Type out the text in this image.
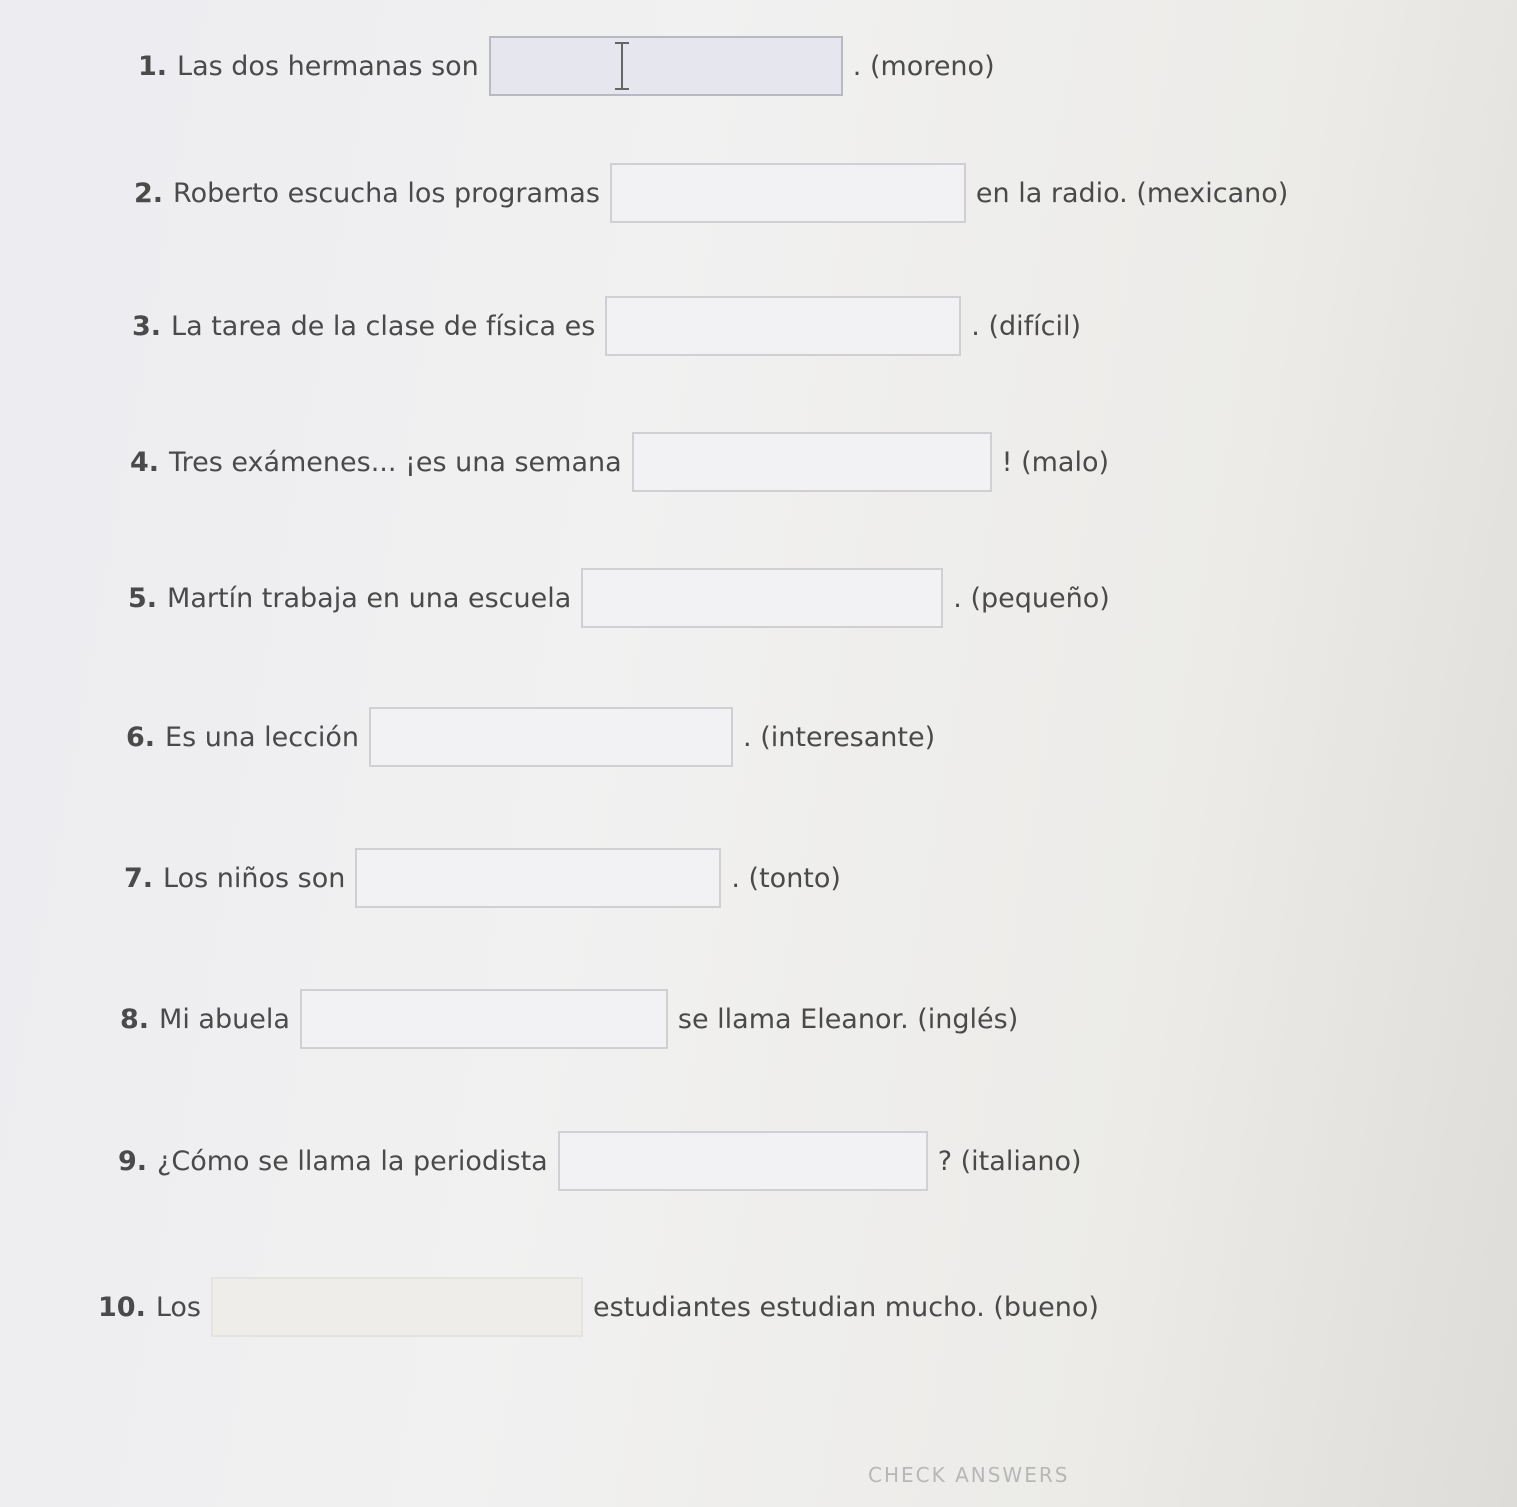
1. Las dos hermanas son	. (moreno)
2. Roberto escucha los programas	en la radio. (mexicano)
3. La tarea de la clase de física es	. (difícil)
4. Tres exámenes... ¡es una semana	! (malo)
5. Martín trabaja en una escuela	. (pequeño)
6. Es una lección	. (interesante)
7. Los niños son	. (tonto)
8. Mi abuela	se llama Eleanor. (inglés)
9. ¿Cómo se llama la periodista	? (italiano)
10. Los	estudiantes estudian mucho. (bueno)
CHECK ANSWERS
